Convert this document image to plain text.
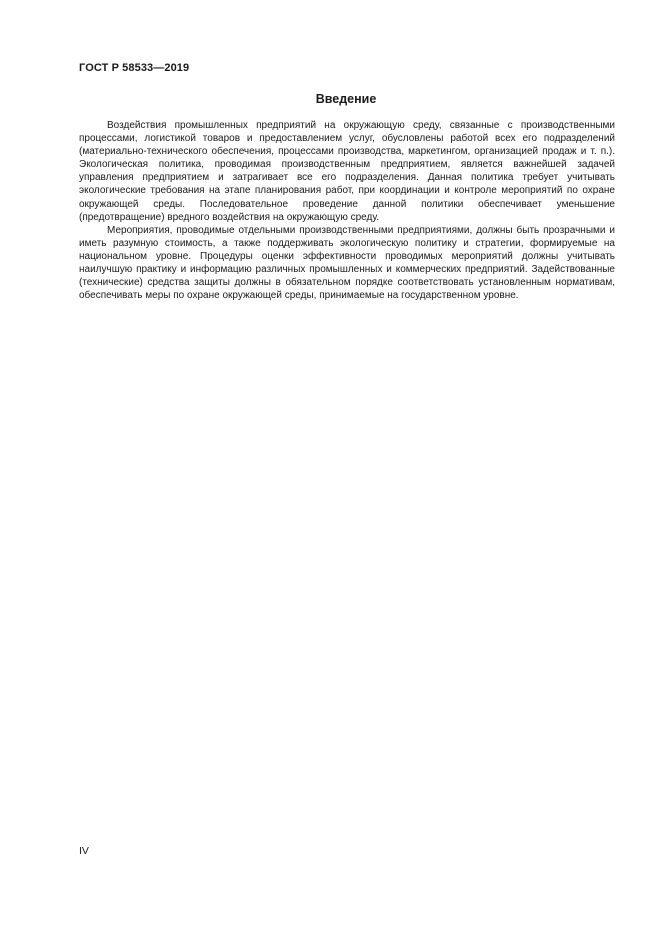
ГОСТ Р 58533—2019
Введение

Воздействия промышленных предприятий на окружающую среду, связанные с производственными процессами, логистикой товаров и предоставлением услуг, обусловлены работой всех его подразделений (материально-технического обеспечения, процессами производства, маркетингом, организацией продаж и т. п.). Экологическая политика, проводимая производственным предприятием, является важнейшей задачей управления предприятием и затрагивает все его подразделения. Данная политика требует учитывать экологические требования на этапе планирования работ, при координации и контроле мероприятий по охране окружающей среды. Последовательное проведение данной политики обеспечивает уменьшение (предотвращение) вредного воздействия на окружающую среду.

Мероприятия, проводимые отдельными производственными предприятиями, должны быть прозрачными и иметь разумную стоимость, а также поддерживать экологическую политику и стратегии, формируемые на национальном уровне. Процедуры оценки эффективности проводимых мероприятий должны учитывать наилучшую практику и информацию различных промышленных и коммерческих предприятий. Задействованные (технические) средства защиты должны в обязательном порядке соответствовать установленным нормативам, обеспечивать меры по охране окружающей среды, принимаемые на государственном уровне.

IV
